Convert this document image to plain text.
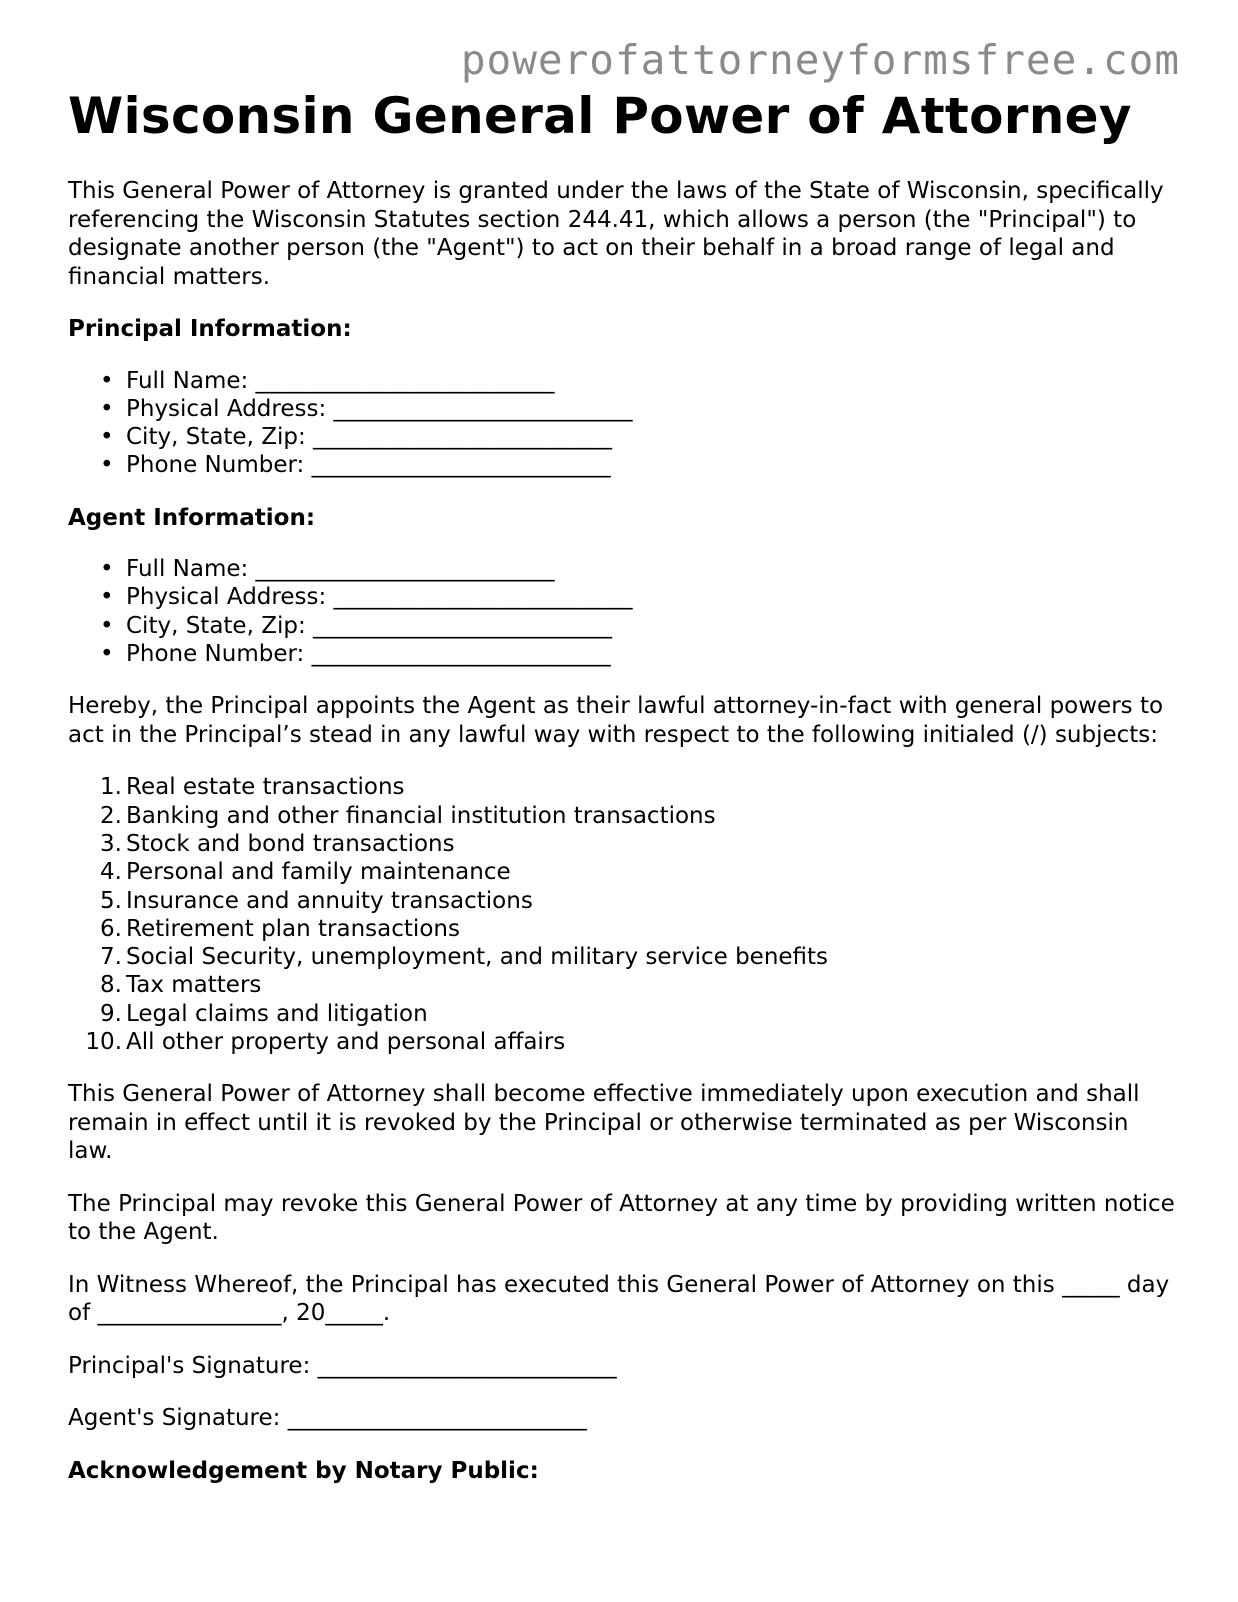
powerofattorneyformsfree.com
Wisconsin General Power of Attorney

This General Power of Attorney is granted under the laws of the State of Wisconsin, specifically referencing the Wisconsin Statutes section 244.41, which allows a person (the "Principal") to designate another person (the "Agent") to act on their behalf in a broad range of legal and financial matters.

Principal Information:
• Full Name: __________________________
• Physical Address: __________________________
• City, State, Zip: __________________________
• Phone Number: __________________________
Agent Information:
• Full Name: __________________________
• Physical Address: __________________________
• City, State, Zip: __________________________
• Phone Number: __________________________

Hereby, the Principal appoints the Agent as their lawful attorney-in-fact with general powers to act in the Principal’s stead in any lawful way with respect to the following initialed (/) subjects:

1. Real estate transactions
2. Banking and other financial institution transactions
3. Stock and bond transactions
4. Personal and family maintenance
5. Insurance and annuity transactions
6. Retirement plan transactions
7. Social Security, unemployment, and military service benefits
8. Tax matters
9. Legal claims and litigation
10. All other property and personal affairs

This General Power of Attorney shall become effective immediately upon execution and shall remain in effect until it is revoked by the Principal or otherwise terminated as per Wisconsin law.

The Principal may revoke this General Power of Attorney at any time by providing written notice to the Agent.

In Witness Whereof, the Principal has executed this General Power of Attorney on this _____ day of ________________, 20_____.

Principal's Signature: __________________________

Agent's Signature: __________________________

Acknowledgement by Notary Public:
